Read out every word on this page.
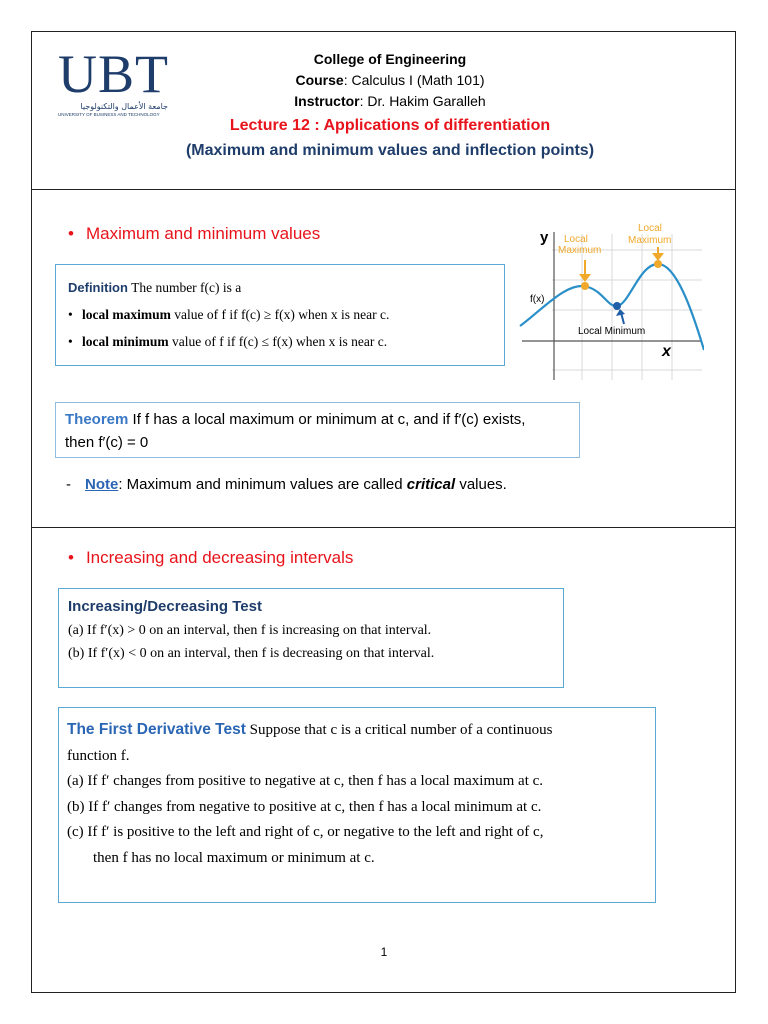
UBT
جامعة الأعمال والتكنولوجيا
UNIVERSITY OF BUSINESS AND TECHNOLOGY
College of Engineering
Course: Calculus I (Math 101)
Instructor: Dr. Hakim Garalleh
Lecture 12 : Applications of differentiation
(Maximum and minimum values and inflection points)
• Maximum and minimum values
Definition The number f(c) is a
• local maximum value of f if f(c) ≥ f(x) when x is near c.
• local minimum value of f if f(c) ≤ f(x) when x is near c.
y
x
f(x)
Local Maximum
Local Maximum
Local Minimum
Theorem If f has a local maximum or minimum at c, and if f′(c) exists,
then f′(c) = 0
- Note: Maximum and minimum values are called critical values.
• Increasing and decreasing intervals
Increasing/Decreasing Test
(a) If f′(x) > 0 on an interval, then f is increasing on that interval.
(b) If f′(x) < 0 on an interval, then f is decreasing on that interval.
The First Derivative Test Suppose that c is a critical number of a continuous
function f.
(a) If f′ changes from positive to negative at c, then f has a local maximum at c.
(b) If f′ changes from negative to positive at c, then f has a local minimum at c.
(c) If f′ is positive to the left and right of c, or negative to the left and right of c,
then f has no local maximum or minimum at c.
1
